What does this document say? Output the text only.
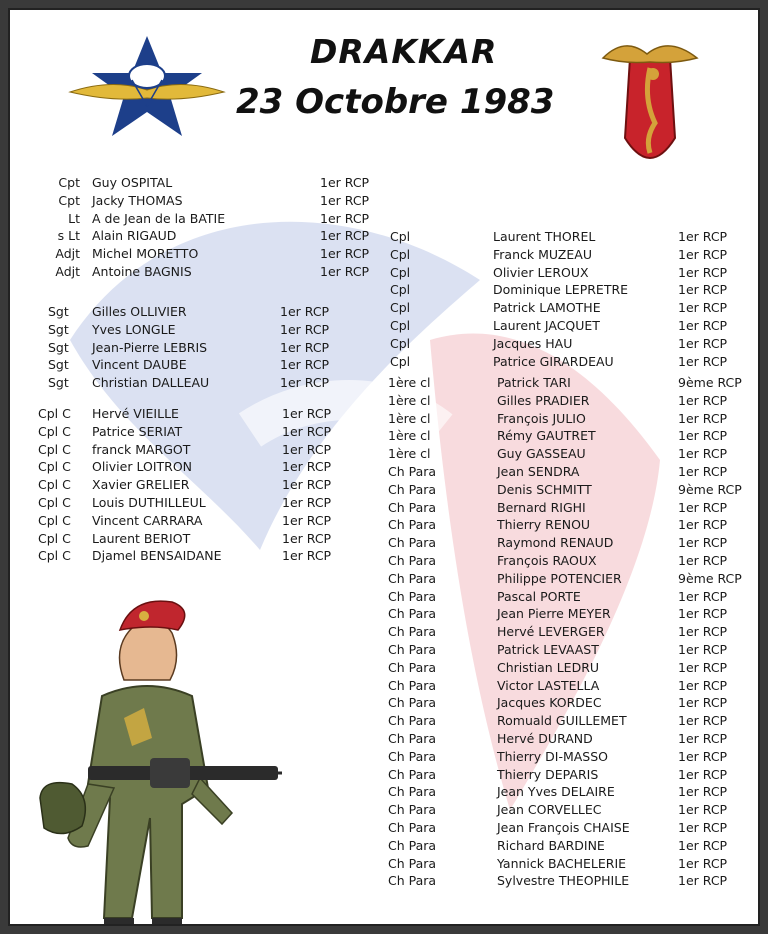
DRAKKAR
23 Octobre 1983
Cpt Guy OSPITAL	1er RCP
Cpt Jacky THOMAS	1er RCP
Lt A de Jean de la BATIE	1er RCP
s Lt Alain RIGAUD	1er RCP
Adjt Michel MORETTO	1er RCP
Adjt Antoine BAGNIS	1er RCP
Sgt Gilles OLLIVIER	1er RCP
Sgt Yves LONGLE	1er RCP
Sgt Jean-Pierre LEBRIS	1er RCP
Sgt Vincent DAUBE	1er RCP
Sgt Christian DALLEAU	1er RCP
Cpl C Hervé VIEILLE	1er RCP
Cpl C Patrice SERIAT	1er RCP
Cpl C franck MARGOT	1er RCP
Cpl C Olivier LOITRON	1er RCP
Cpl C Xavier GRELIER	1er RCP
Cpl C Louis DUTHILLEUL	1er RCP
Cpl C Vincent CARRARA	1er RCP
Cpl C Laurent BERIOT	1er RCP
Cpl C Djamel BENSAIDANE	1er RCP
Cpl	Laurent THOREL	1er RCP
Cpl	Franck MUZEAU	1er RCP
Cpl	Olivier LEROUX	1er RCP
Cpl	Dominique LEPRETRE	1er RCP
Cpl	Patrick LAMOTHE	1er RCP
Cpl	Laurent JACQUET	1er RCP
Cpl	Jacques HAU	1er RCP
Cpl	Patrice GIRARDEAU	1er RCP
1ère cl	Patrick TARI	9ème RCP
1ère cl	Gilles PRADIER	1er RCP
1ère cl	François JULIO	1er RCP
1ère cl	Rémy GAUTRET	1er RCP
1ère cl	Guy GASSEAU	1er RCP
Ch Para	Jean SENDRA	1er RCP
Ch Para	Denis SCHMITT	9ème RCP
Ch Para	Bernard RIGHI	1er RCP
Ch Para	Thierry RENOU	1er RCP
Ch Para	Raymond RENAUD	1er RCP
Ch Para	François RAOUX	1er RCP
Ch Para	Philippe POTENCIER	9ème RCP
Ch Para	Pascal PORTE	1er RCP
Ch Para	Jean Pierre MEYER	1er RCP
Ch Para	Hervé LEVERGER	1er RCP
Ch Para	Patrick LEVAAST	1er RCP
Ch Para	Christian LEDRU	1er RCP
Ch Para	Victor LASTELLA	1er RCP
Ch Para	Jacques KORDEC	1er RCP
Ch Para	Romuald GUILLEMET	1er RCP
Ch Para	Hervé DURAND	1er RCP
Ch Para	Thierry DI-MASSO	1er RCP
Ch Para	Thierry DEPARIS	1er RCP
Ch Para	Jean Yves DELAIRE	1er RCP
Ch Para	Jean CORVELLEC	1er RCP
Ch Para	Jean François CHAISE	1er RCP
Ch Para	Richard BARDINE	1er RCP
Ch Para	Yannick BACHELERIE	1er RCP
Ch Para	Sylvestre THEOPHILE	1er RCP
